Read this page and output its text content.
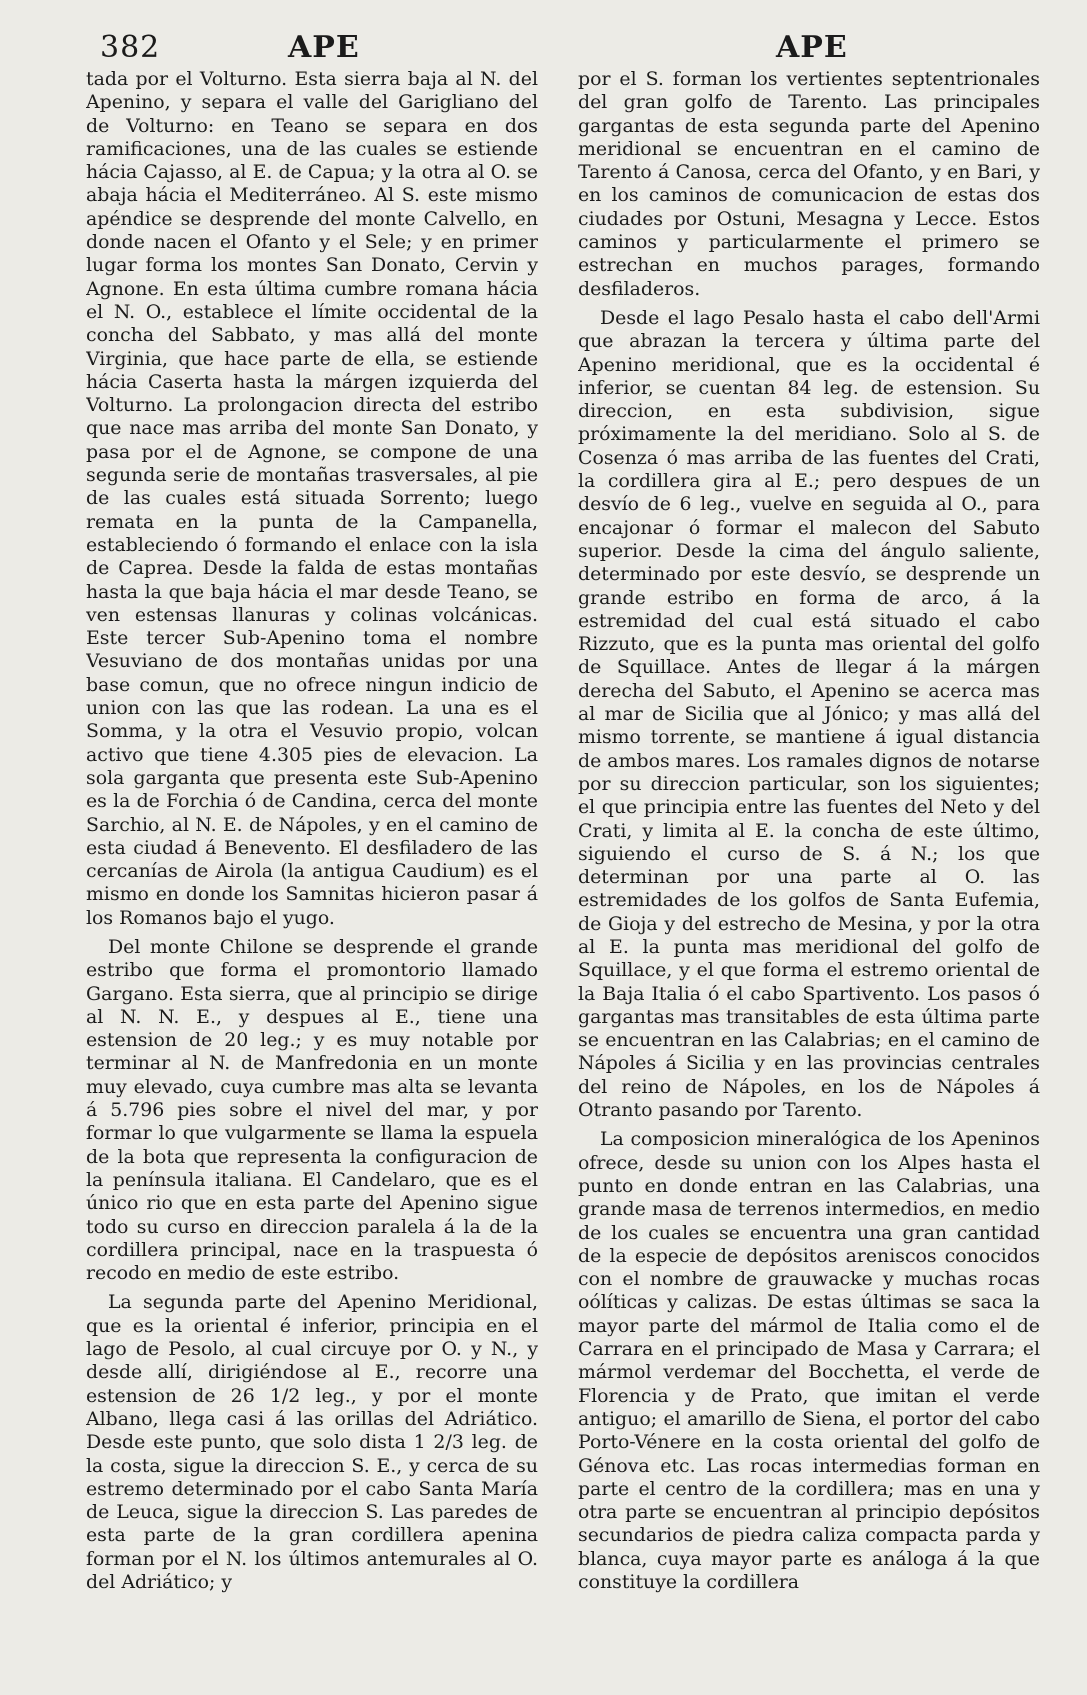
382	APE	APE

tada por el Volturno. Esta sierra baja al N. del Apenino, y separa el valle del Garigliano del de Volturno: en Teano se separa en dos ramificaciones, una de las cuales se estiende hácia Cajasso, al E. de Capua; y la otra al O. se abaja hácia el Mediterráneo. Al S. este mismo apéndice se desprende del monte Calvello, en donde nacen el Ofanto y el Sele; y en primer lugar forma los montes San Donato, Cervin y Agnone. En esta última cumbre romana hácia el N. O., establece el límite occidental de la concha del Sabbato, y mas allá del monte Virginia, que hace parte de ella, se estiende hácia Caserta hasta la márgen izquierda del Volturno. La prolongacion directa del estribo que nace mas arriba del monte San Donato, y pasa por el de Agnone, se compone de una segunda serie de montañas trasversales, al pie de las cuales está situada Sorrento; luego remata en la punta de la Campanella, estableciendo ó formando el enlace con la isla de Caprea. Desde la falda de estas montañas hasta la que baja hácia el mar desde Teano, se ven estensas llanuras y colinas volcánicas. Este tercer Sub-Apenino toma el nombre Vesuviano de dos montañas unidas por una base comun, que no ofrece ningun indicio de union con las que las rodean. La una es el Somma, y la otra el Vesuvio propio, volcan activo que tiene 4.305 pies de elevacion. La sola garganta que presenta este Sub-Apenino es la de Forchia ó de Candina, cerca del monte Sarchio, al N. E. de Nápoles, y en el camino de esta ciudad á Benevento. El desfiladero de las cercanías de Airola (la antigua Caudium) es el mismo en donde los Samnitas hicieron pasar á los Romanos bajo el yugo.

Del monte Chilone se desprende el grande estribo que forma el promontorio llamado Gargano. Esta sierra, que al principio se dirige al N. N. E., y despues al E., tiene una estension de 20 leg.; y es muy notable por terminar al N. de Manfredonia en un monte muy elevado, cuya cumbre mas alta se levanta á 5.796 pies sobre el nivel del mar, y por formar lo que vulgarmente se llama la espuela de la bota que representa la configuracion de la península italiana. El Candelaro, que es el único rio que en esta parte del Apenino sigue todo su curso en direccion paralela á la de la cordillera principal, nace en la traspuesta ó recodo en medio de este estribo.

La segunda parte del Apenino Meridional, que es la oriental é inferior, principia en el lago de Pesolo, al cual circuye por O. y N., y desde allí, dirigiéndose al E., recorre una estension de 26 1/2 leg., y por el monte Albano, llega casi á las orillas del Adriático. Desde este punto, que solo dista 1 2/3 leg. de la costa, sigue la direccion S. E., y cerca de su estremo determinado por el cabo Santa María de Leuca, sigue la direccion S. Las paredes de esta parte de la gran cordillera apenina forman por el N. los últimos antemurales al O. del Adriático; y

por el S. forman los vertientes septentrionales del gran golfo de Tarento. Las principales gargantas de esta segunda parte del Apenino meridional se encuentran en el camino de Tarento á Canosa, cerca del Ofanto, y en Bari, y en los caminos de comunicacion de estas dos ciudades por Ostuni, Mesagna y Lecce. Estos caminos y particularmente el primero se estrechan en muchos parages, formando desfiladeros.

Desde el lago Pesalo hasta el cabo dell'Armi que abrazan la tercera y última parte del Apenino meridional, que es la occidental é inferior, se cuentan 84 leg. de estension. Su direccion, en esta subdivision, sigue próximamente la del meridiano. Solo al S. de Cosenza ó mas arriba de las fuentes del Crati, la cordillera gira al E.; pero despues de un desvío de 6 leg., vuelve en seguida al O., para encajonar ó formar el malecon del Sabuto superior. Desde la cima del ángulo saliente, determinado por este desvío, se desprende un grande estribo en forma de arco, á la estremidad del cual está situado el cabo Rizzuto, que es la punta mas oriental del golfo de Squillace. Antes de llegar á la márgen derecha del Sabuto, el Apenino se acerca mas al mar de Sicilia que al Jónico; y mas allá del mismo torrente, se mantiene á igual distancia de ambos mares. Los ramales dignos de notarse por su direccion particular, son los siguientes; el que principia entre las fuentes del Neto y del Crati, y limita al E. la concha de este último, siguiendo el curso de S. á N.; los que determinan por una parte al O. las estremidades de los golfos de Santa Eufemia, de Gioja y del estrecho de Mesina, y por la otra al E. la punta mas meridional del golfo de Squillace, y el que forma el estremo oriental de la Baja Italia ó el cabo Spartivento. Los pasos ó gargantas mas transitables de esta última parte se encuentran en las Calabrias; en el camino de Nápoles á Sicilia y en las provincias centrales del reino de Nápoles, en los de Nápoles á Otranto pasando por Tarento.

La composicion mineralógica de los Apeninos ofrece, desde su union con los Alpes hasta el punto en donde entran en las Calabrias, una grande masa de terrenos intermedios, en medio de los cuales se encuentra una gran cantidad de la especie de depósitos areniscos conocidos con el nombre de grauwacke y muchas rocas oólíticas y calizas. De estas últimas se saca la mayor parte del mármol de Italia como el de Carrara en el principado de Masa y Carrara; el mármol verdemar del Bocchetta, el verde de Florencia y de Prato, que imitan el verde antiguo; el amarillo de Siena, el portor del cabo Porto-Vénere en la costa oriental del golfo de Génova etc. Las rocas intermedias forman en parte el centro de la cordillera; mas en una y otra parte se encuentran al principio depósitos secundarios de piedra caliza compacta parda y blanca, cuya mayor parte es análoga á la que constituye la cordillera
